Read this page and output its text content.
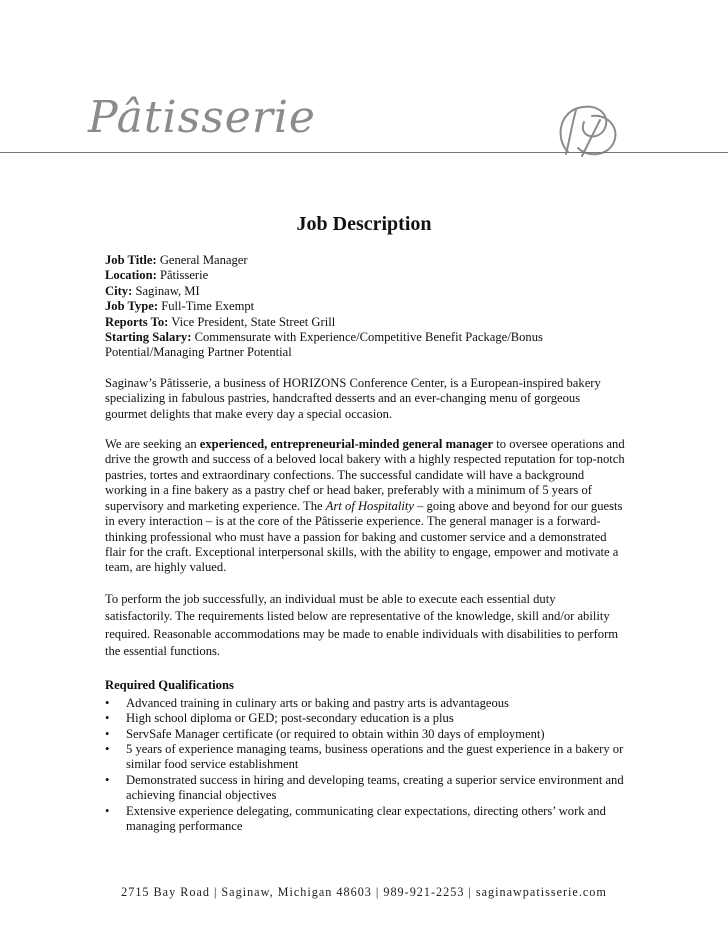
Pâtisserie
Job Description

Job Title: General Manager

Location: Pâtisserie

City: Saginaw, MI

Job Type: Full-Time Exempt

Reports To: Vice President, State Street Grill

Starting Salary: Commensurate with Experience/Competitive Benefit Package/Bonus Potential/Managing Partner Potential

Saginaw’s Pâtisserie, a business of HORIZONS Conference Center, is a European-inspired bakery specializing in fabulous pastries, handcrafted desserts and an ever-changing menu of gorgeous gourmet delights that make every day a special occasion.

We are seeking an experienced, entrepreneurial-minded general manager to oversee operations and drive the growth and success of a beloved local bakery with a highly respected reputation for top-notch pastries, tortes and extraordinary confections. The successful candidate will have a background working in a fine bakery as a pastry chef or head baker, preferably with a minimum of 5 years of supervisory and marketing experience. The Art of Hospitality – going above and beyond for our guests in every interaction – is at the core of the Pâtisserie experience. The general manager is a forward-thinking professional who must have a passion for baking and customer service and a demonstrated flair for the craft. Exceptional interpersonal skills, with the ability to engage, empower and motivate a team, are highly valued.

To perform the job successfully, an individual must be able to execute each essential duty satisfactorily. The requirements listed below are representative of the knowledge, skill and/or ability required. Reasonable accommodations may be made to enable individuals with disabilities to perform the essential functions.

Required Qualifications

• Advanced training in culinary arts or baking and pastry arts is advantageous
• High school diploma or GED; post-secondary education is a plus
• ServSafe Manager certificate (or required to obtain within 30 days of employment)
• 5 years of experience managing teams, business operations and the guest experience in a bakery or similar food service establishment
• Demonstrated success in hiring and developing teams, creating a superior service environment and achieving financial objectives
• Extensive experience delegating, communicating clear expectations, directing others’ work and managing performance
2715 Bay Road | Saginaw, Michigan 48603 | 989-921-2253 | saginawpatisserie.com
